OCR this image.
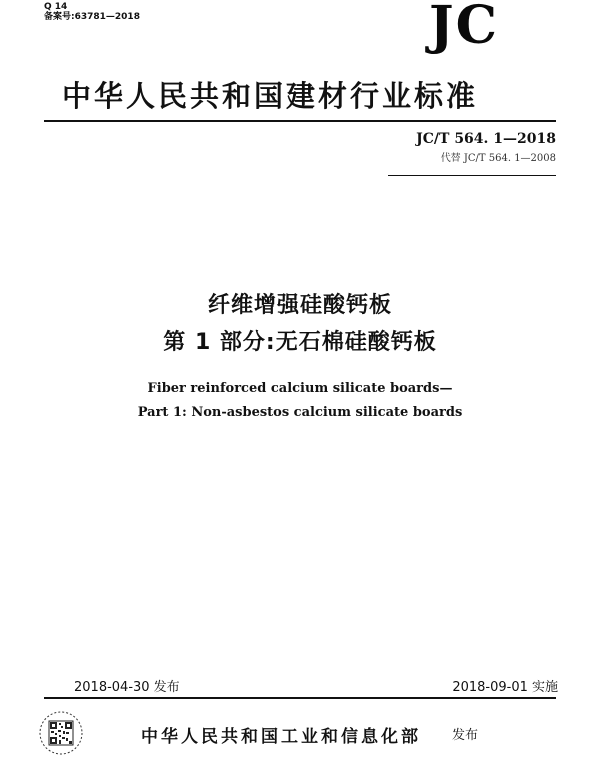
Q 14
备案号:63781—2018	JC
中华人民共和国建材行业标准
JC/T 564. 1—2018
代替 JC/T 564. 1—2008
纤维增强硅酸钙板
第 1 部分:无石棉硅酸钙板
Fiber reinforced calcium silicate boards—
Part 1: Non-asbestos calcium silicate boards
2018-04-30 发布	2018-09-01 实施
中华人民共和国工业和信息化部 发布
